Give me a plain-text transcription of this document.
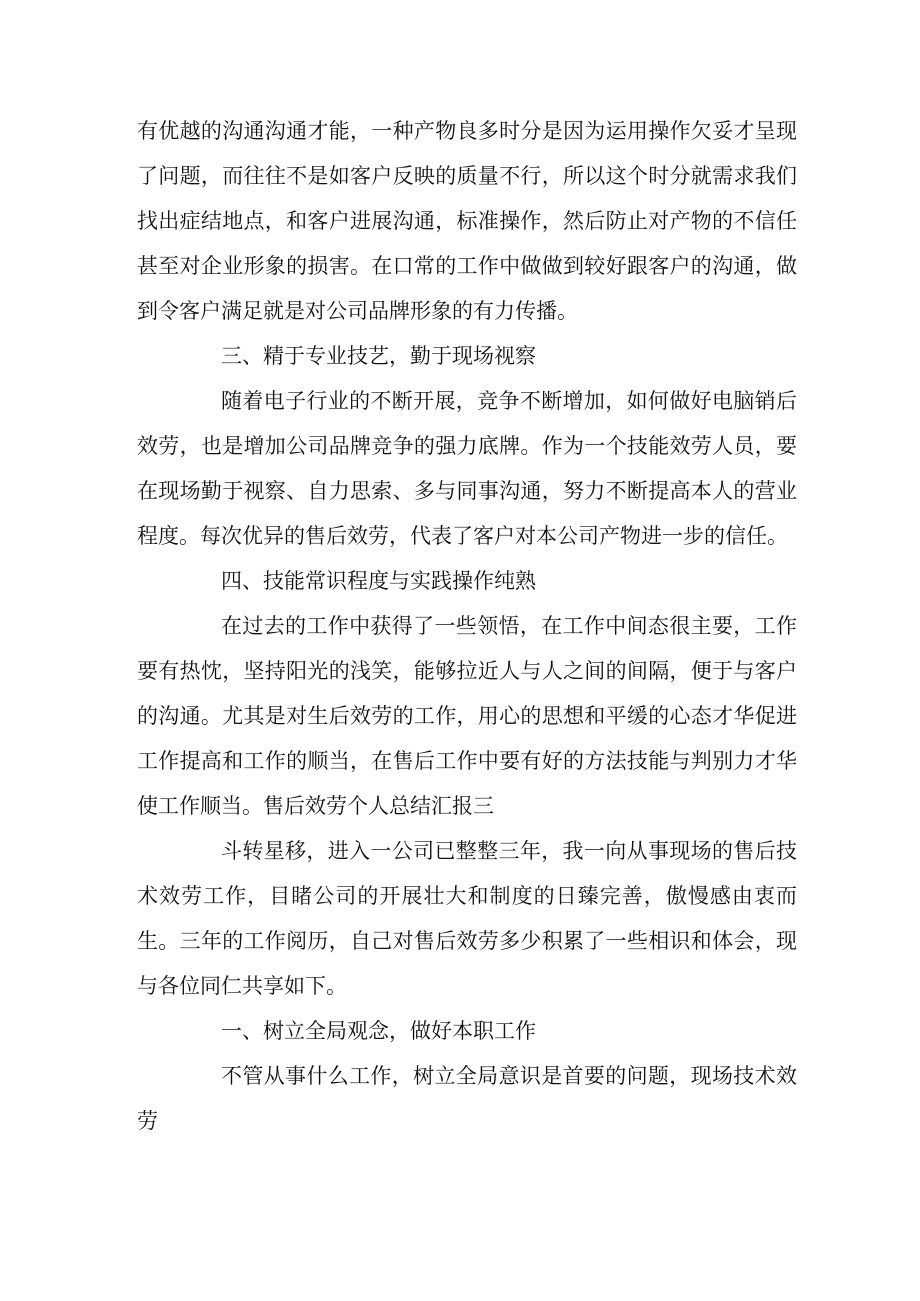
有优越的沟通沟通才能，一种产物良多时分是因为运用操作欠妥才呈现了问题，而往往不是如客户反映的质量不行，所以这个时分就需求我们找出症结地点，和客户进展沟通，标准操作，然后防止对产物的不信任甚至对企业形象的损害。在口常的工作中做做到较好跟客户的沟通，做到令客户满足就是对公司品牌形象的有力传播。

三、精于专业技艺，勤于现场视察

随着电子行业的不断开展，竞争不断增加，如何做好电脑销后效劳，也是增加公司品牌竞争的强力底牌。作为一个技能效劳人员，要在现场勤于视察、自力思索、多与同事沟通，努力不断提高本人的营业程度。每次优异的售后效劳，代表了客户对本公司产物进一步的信任。

四、技能常识程度与实践操作纯熟

在过去的工作中获得了一些领悟，在工作中间态很主要，工作要有热忱，坚持阳光的浅笑，能够拉近人与人之间的间隔，便于与客户的沟通。尤其是对生后效劳的工作，用心的思想和平缓的心态才华促进工作提高和工作的顺当，在售后工作中要有好的方法技能与判别力才华使工作顺当。售后效劳个人总结汇报三

斗转星移，进入一公司已整整三年，我一向从事现场的售后技术效劳工作，目睹公司的开展壮大和制度的日臻完善，傲慢感由衷而生。三年的工作阅历，自己对售后效劳多少积累了一些相识和体会，现与各位同仁共享如下。

一、树立全局观念，做好本职工作

不管从事什么工作，树立全局意识是首要的问题，现场技术效劳
